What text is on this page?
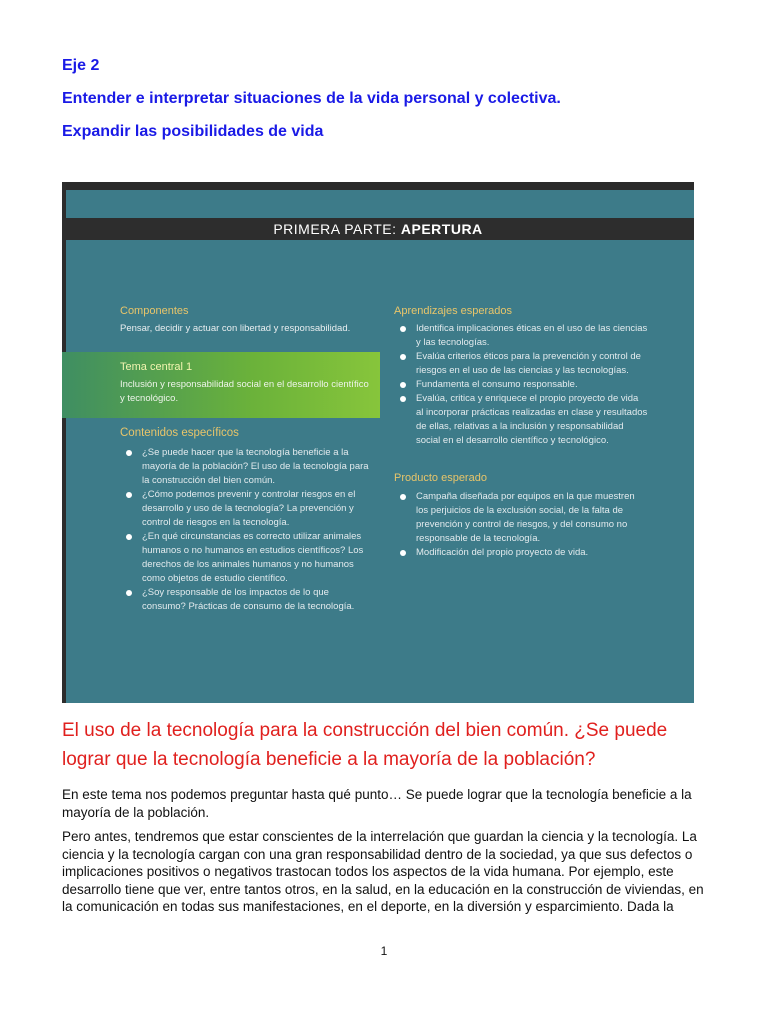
Eje 2
Entender e interpretar situaciones de la vida personal y colectiva.
Expandir las posibilidades de vida
PRIMERA PARTE: APERTURA
Componentes
Pensar, decidir y actuar con libertad y responsabilidad.
Tema central 1
Inclusión y responsabilidad social en el desarrollo científico y tecnológico.
Contenidos específicos
¿Se puede hacer que la tecnología beneficie a la mayoría de la población? El uso de la tecnología para la construcción del bien común.
¿Cómo podemos prevenir y controlar riesgos en el desarrollo y uso de la tecnología? La prevención y control de riesgos en la tecnología.
¿En qué circunstancias es correcto utilizar animales humanos o no humanos en estudios científicos? Los derechos de los animales humanos y no humanos como objetos de estudio científico.
¿Soy responsable de los impactos de lo que consumo? Prácticas de consumo de la tecnología.
Aprendizajes esperados
Identifica implicaciones éticas en el uso de las ciencias y las tecnologías.
Evalúa criterios éticos para la prevención y control de riesgos en el uso de las ciencias y las tecnologías.
Fundamenta el consumo responsable.
Evalúa, critica y enriquece el propio proyecto de vida al incorporar prácticas realizadas en clase y resultados de ellas, relativas a la inclusión y responsabilidad social en el desarrollo científico y tecnológico.
Producto esperado
Campaña diseñada por equipos en la que muestren los perjuicios de la exclusión social, de la falta de prevención y control de riesgos, y del consumo no responsable de la tecnología.
Modificación del propio proyecto de vida.
El uso de la tecnología para la construcción del bien común. ¿Se puede lograr que la tecnología beneficie a la mayoría de la población?

En este tema nos podemos preguntar hasta qué punto… Se puede lograr que la tecnología beneficie a la mayoría de la población.

Pero antes, tendremos que estar conscientes de la interrelación que guardan la ciencia y la tecnología. La ciencia y la tecnología cargan con una gran responsabilidad dentro de la sociedad, ya que sus defectos o implicaciones positivos o negativos trastocan todos los aspectos de la vida humana. Por ejemplo, este desarrollo tiene que ver, entre tantos otros, en la salud, en la educación en la construcción de viviendas, en la comunicación en todas sus manifestaciones, en el deporte, en la diversión y esparcimiento. Dada la

1
